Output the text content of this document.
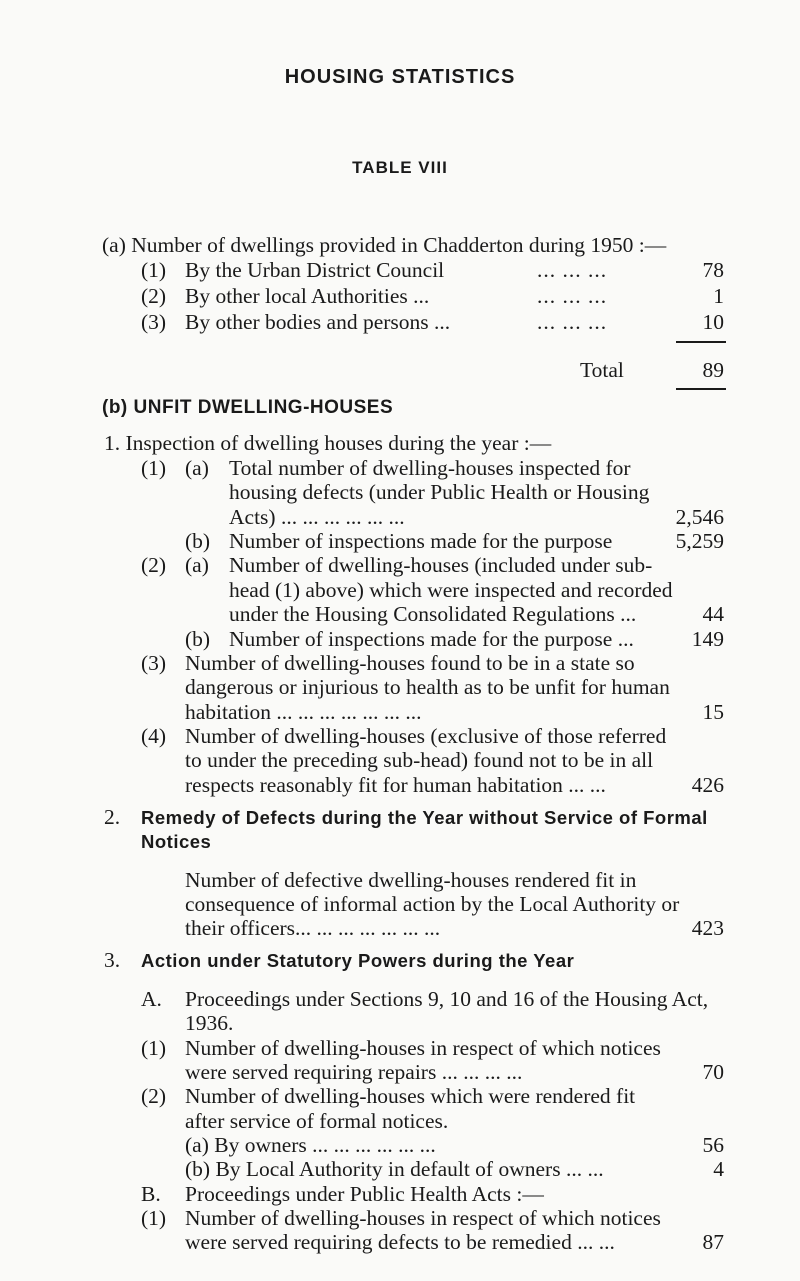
HOUSING STATISTICS
TABLE VIII
(a) Number of dwellings provided in Chadderton during 1950 :—
(1) By the Urban District Council	... ... ...	78
(2) By other local Authorities ...	... ... ...	1
(3) By other bodies and persons ...	... ... ...	10
Total	89
(b) UNFIT DWELLING-HOUSES
1. Inspection of dwelling houses during the year :—
(1) (a) Total number of dwelling-houses inspected for
housing defects (under Public Health or Housing
Acts) ... ... ... ... ... ...	2,546
(b) Number of inspections made for the purpose	5,259
(2) (a) Number of dwelling-houses (included under sub-
head (1) above) which were inspected and recorded
under the Housing Consolidated Regulations ...	44
(b) Number of inspections made for the purpose ...	149
(3) Number of dwelling-houses found to be in a state so
dangerous or injurious to health as to be unfit for human
habitation ... ... ... ... ... ... ...	15
(4) Number of dwelling-houses (exclusive of those referred
to under the preceding sub-head) found not to be in all
respects reasonably fit for human habitation ... ...	426
2. Remedy of Defects during the Year without Service of Formal
Notices
Number of defective dwelling-houses rendered fit in
consequence of informal action by the Local Authority or
their officers... ... ... ... ... ... ...	423
3. Action under Statutory Powers during the Year
A. Proceedings under Sections 9, 10 and 16 of the Housing Act,
1936.
(1) Number of dwelling-houses in respect of which notices
were served requiring repairs ... ... ... ...	70
(2) Number of dwelling-houses which were rendered fit
after service of formal notices.
(a) By owners ... ... ... ... ... ...	56
(b) By Local Authority in default of owners ... ...	4
B. Proceedings under Public Health Acts :—
(1) Number of dwelling-houses in respect of which notices
were served requiring defects to be remedied ... ...	87
